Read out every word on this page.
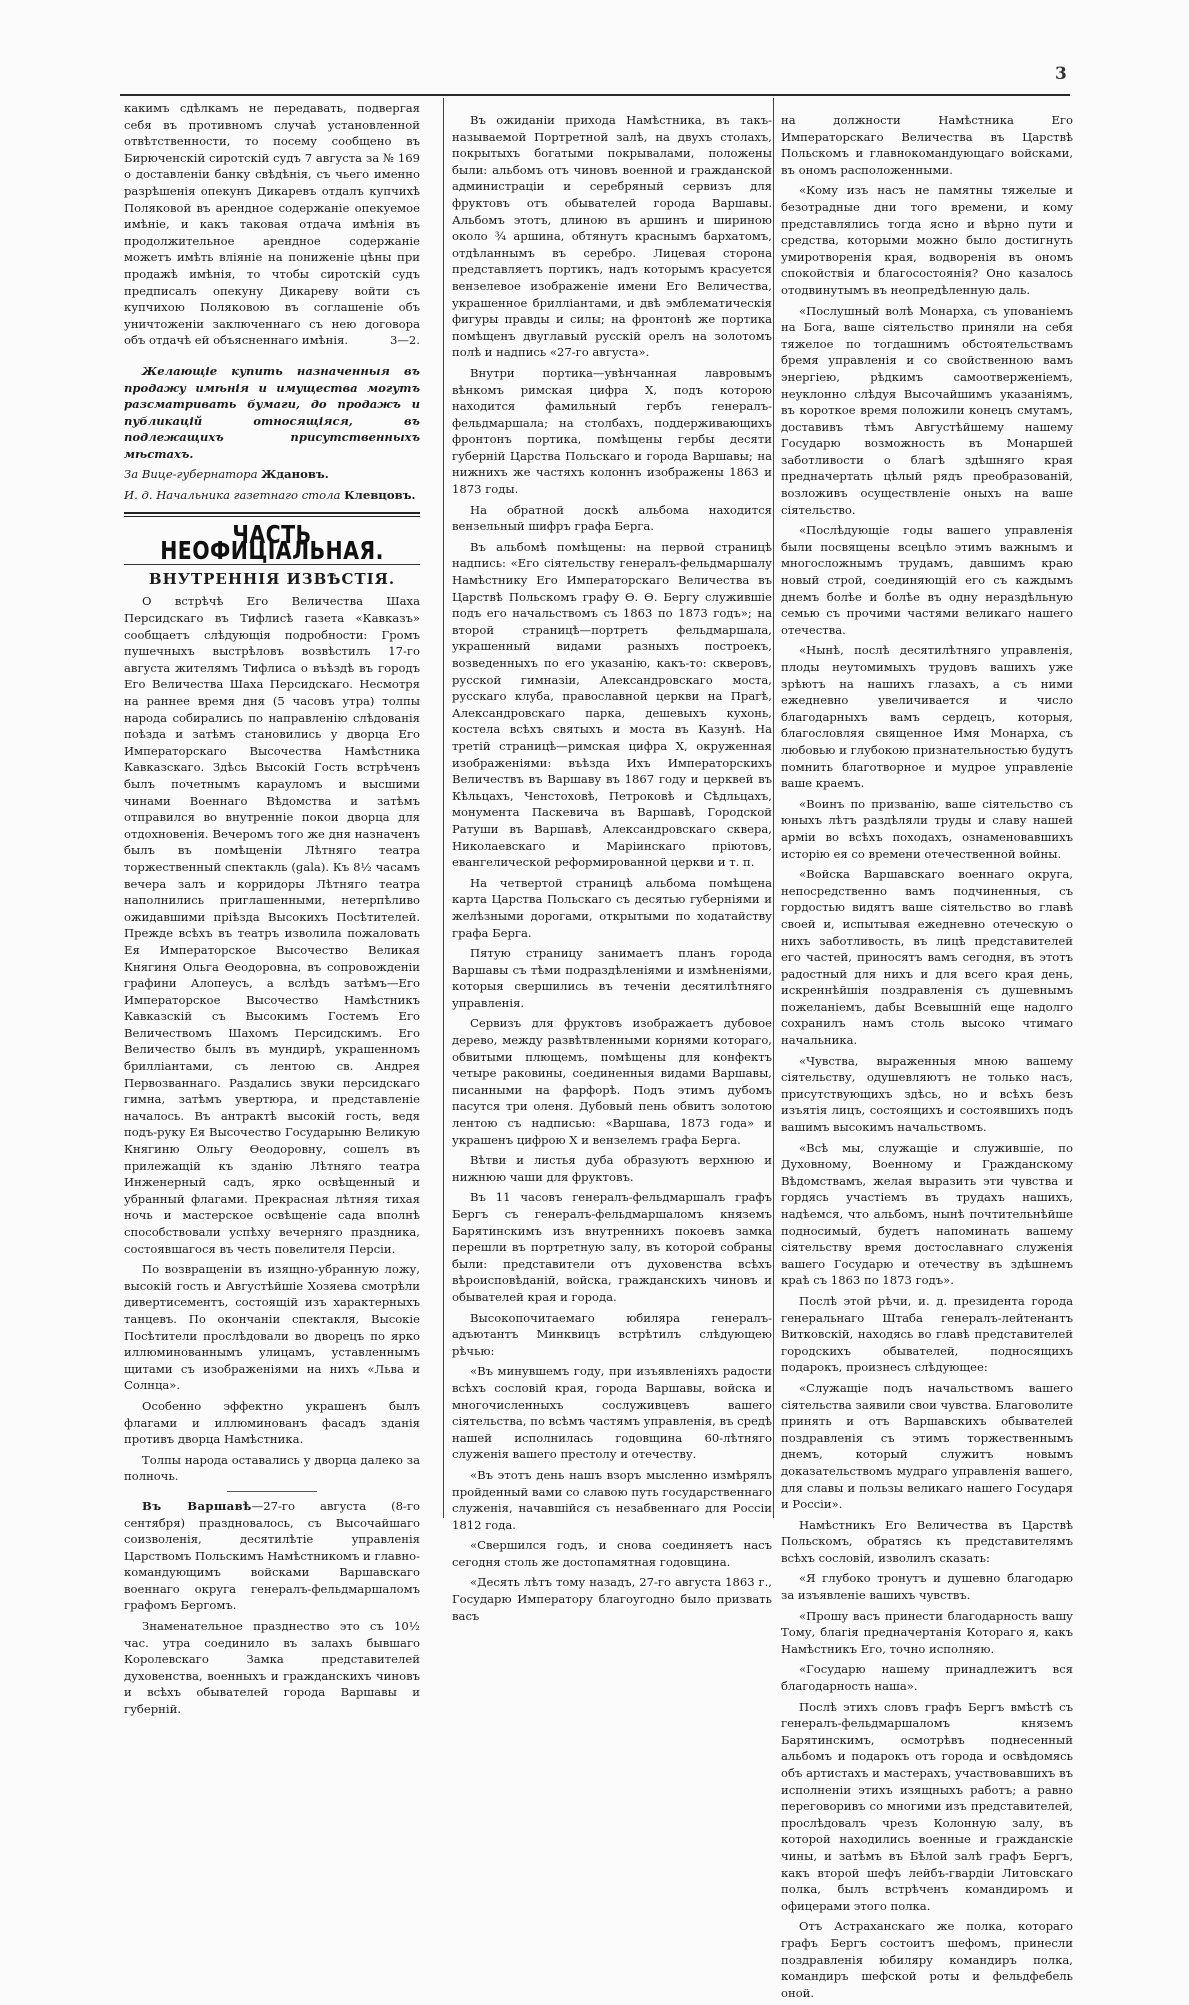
3

какимъ сдѣлкамъ не передавать, подвергая себя въ противномъ случаѣ установленной отвѣтственности, то посему сообщено въ Бирюченскій сиротскій судъ 7 августа за № 169 о доставленіи банку свѣдѣнія, съ чьего именно разрѣшенія опекунъ Дикаревъ отдалъ купчихѣ Поляковой въ арендное содержаніе опекуемое имѣніе, и какъ таковая отдача имѣнія въ продолжительное арендное содержаніе можетъ имѣть вліяніе на пониженіе цѣны при продажѣ имѣнія, то чтобы сиротскій судъ предписалъ опекуну Дикареву войти съ купчихою Поляковою въ соглашеніе объ уничтоженіи заключеннаго съ нею договора объ отдачѣ ей объясненнаго имѣнія.	3—2.

Желающіе купить назначенныя въ продажу имѣнія и имущества могутъ разсматривать бумаги, до продажъ и публикацій относящіяся, въ подлежащихъ присутственныхъ мѣстахъ.

За Вице-губернатора Ждановъ.

И. д. Начальника газетнаго стола Клевцовъ.

ЧАСТЬ НЕОФИЦІАЛЬНАЯ.
ВНУТРЕННІЯ ИЗВѢСТІЯ.

О встрѣчѣ Его Величества Шаха Персидскаго въ Тифлисѣ газета «Кавказъ» сообщаетъ слѣдующія подробности: Громъ пушечныхъ выстрѣловъ возвѣстилъ 17-го августа жителямъ Тифлиса о въѣздѣ въ городъ Его Величества Шаха Персидскаго. Несмотря на раннее время дня (5 часовъ утра) толпы народа собирались по направленію слѣдованія поѣзда и затѣмъ становились у дворца Его Императорскаго Высочества Намѣстника Кавказскаго. Здѣсь Высокій Гость встрѣченъ былъ почетнымъ карауломъ и высшими чинами Военнаго Вѣдомства и затѣмъ отправился во внутренніе покои дворца для отдохновенія. Вечеромъ того же дня назначенъ былъ въ помѣщеніи Лѣтняго театра торжественный спектакль (gala). Къ 8½ часамъ вечера залъ и корридоры Лѣтняго театра наполнились приглашенными, нетерпѣливо ожидавшими пріѣзда Высокихъ Посѣтителей. Прежде всѣхъ въ театръ изволила пожаловать Ея Императорское Высочество Великая Княгиня Ольга Ѳеодоровна, въ сопровожденіи графини Алопеусъ, а вслѣдъ затѣмъ—Его Императорское Высочество Намѣстникъ Кавказскій съ Высокимъ Гостемъ Его Величествомъ Шахомъ Персидскимъ. Его Величество былъ въ мундирѣ, украшенномъ бриллiантами, съ лентою св. Андрея Первозваннаго. Раздались звуки персидскаго гимна, затѣмъ увертюра, и представленіе началось. Въ антрактѣ высокій гость, ведя подъ-руку Ея Высочество Государыню Великую Княгиню Ольгу Ѳеодоровну, сошелъ въ прилежащій къ зданію Лѣтняго театра Инженерный садъ, ярко освѣщенный и убранный флагами. Прекрасная лѣтняя тихая ночь и мастерское освѣщеніе сада вполнѣ способствовали успѣху вечерняго праздника, состоявшагося въ честь повелителя Персіи.

По возвращеніи въ изящно-убранную ложу, высокій гость и Августѣйшіе Хозяева смотрѣли дивертисементъ, состоящій изъ характерныхъ танцевъ. По окончаніи спектакля, Высокіе Посѣтители прослѣдовали во дворецъ по ярко иллюминованнымъ улицамъ, уставленнымъ щитами съ изображеніями на нихъ «Льва и Солнца».

Особенно эффектно украшенъ былъ флагами и иллюминованъ фасадъ зданія противъ дворца Намѣстника.

Толпы народа оставались у дворца далеко за полночь.

Въ Варшавѣ—27-го августа (8-го сентября) праздновалось, съ Высочайшаго соизволенія, десятилѣтіе управленія Царствомъ Польскимъ Намѣстникомъ и главно-командующимъ войсками Варшавскаго военнаго округа генералъ-фельдмаршаломъ графомъ Бергомъ.

Знаменательное празднество это съ 10½ час. утра соединило въ залахъ бывшаго Королевскаго Замка представителей духовенства, военныхъ и гражданскихъ чиновъ и всѣхъ обывателей города Варшавы и губерній.

Въ ожиданіи прихода Намѣстника, въ такъ-называемой Портретной залѣ, на двухъ столахъ, покрытыхъ богатыми покрывалами, положены были: альбомъ отъ чиновъ военной и гражданской администраціи и серебряный сервизъ для фруктовъ отъ обывателей города Варшавы. Альбомъ этотъ, длиною въ аршинъ и шириною около ¾ аршина, обтянутъ краснымъ бархатомъ, отдѣланнымъ въ серебро. Лицевая сторона представляетъ портикъ, надъ которымъ красуется вензелевое изображеніе имени Его Величества, украшенное бриллiантами, и двѣ эмблематическія фигуры правды и силы; на фронтонѣ же портика помѣщенъ двуглавый русскій орелъ на золотомъ полѣ и надпись «27-го августа».

Внутри портика—увѣнчанная лавровымъ вѣнкомъ римская цифра X, подъ которою находится фамильный гербъ генералъ-фельдмаршала; на столбахъ, поддерживающихъ фронтонъ портика, помѣщены гербы десяти губерній Царства Польскаго и города Варшавы; на нижнихъ же частяхъ колоннъ изображены 1863 и 1873 годы.

На обратной доскѣ альбома находится вензельный шифръ графа Берга.

Въ альбомѣ помѣщены: на первой страницѣ надпись: «Его сіятельству генералъ-фельдмаршалу Намѣстнику Его Императорскаго Величества въ Царствѣ Польскомъ графу Ѳ. Ѳ. Бергу служившіе подъ его начальствомъ съ 1863 по 1873 годъ»; на второй страницѣ—портретъ фельдмаршала, украшенный видами разныхъ построекъ, возведенныхъ по его указанію, какъ-то: скверовъ, русской гимназіи, Александровскаго моста, русскаго клуба, православной церкви на Прагѣ, Александровскаго парка, дешевыхъ кухонь, костела всѣхъ святыхъ и моста въ Казунѣ. На третій страницѣ—римская цифра X, окруженная изображеніями: въѣзда Ихъ Императорскихъ Величествъ въ Варшаву въ 1867 году и церквей въ Кѣльцахъ, Ченстоховѣ, Петроковѣ и Сѣдльцахъ, монумента Паскевича въ Варшавѣ, Городской Ратуши въ Варшавѣ, Александровскаго сквера, Николаевскаго и Маріинскаго пріютовъ, евангелической реформированной церкви и т. п.

На четвертой страницѣ альбома помѣщена карта Царства Польскаго съ десятью губерніями и желѣзными дорогами, открытыми по ходатайству графа Берга.

Пятую страницу занимаетъ планъ города Варшавы съ тѣми подраздѣленіями и измѣненіями, которыя свершились въ теченіи десятилѣтняго управленія.

Сервизъ для фруктовъ изображаетъ дубовое дерево, между развѣтвленными корнями котораго, обвитыми плющемъ, помѣщены для конфектъ четыре раковины, соединенныя видами Варшавы, писанными на фарфорѣ. Подъ этимъ дубомъ пасутся три оленя. Дубовый пень обвитъ золотою лентою съ надписью: «Варшава, 1873 года» и украшенъ цифрою X и вензелемъ графа Берга.

Вѣтви и листья дуба образуютъ верхнюю и нижнюю чаши для фруктовъ.

Въ 11 часовъ генералъ-фельдмаршалъ графъ Бергъ съ генералъ-фельдмаршаломъ княземъ Барятинскимъ изъ внутреннихъ покоевъ замка перешли въ портретную залу, въ которой собраны были: представители отъ духовенства всѣхъ вѣроисповѣданій, войска, гражданскихъ чиновъ и обывателей края и города.

Высокопочитаемаго юбиляра генералъ-адъютантъ Минквицъ встрѣтилъ слѣдующею рѣчью:

«Въ минувшемъ году, при изъявленіяхъ радости всѣхъ сословій края, города Варшавы, войска и многочисленныхъ сослуживцевъ вашего сіятельства, по всѣмъ частямъ управленія, въ средѣ нашей исполнилась годовщина 60-лѣтняго служенія вашего престолу и отечеству.

«Въ этотъ день нашъ взоръ мысленно измѣрялъ пройденный вами со славою путь государственнаго служенія, начавшійся съ незабвеннаго для Россіи 1812 года.

«Свершился годъ, и снова соединяетъ насъ сегодня столь же достопамятная годовщина.

«Десять лѣтъ тому назадъ, 27-го августа 1863 г., Государю Императору благоугодно было призвать васъ

на должности Намѣстника Его Императорскаго Величества въ Царствѣ Польскомъ и главнокомандующаго войсками, въ ономъ расположенными.

«Кому изъ насъ не памятны тяжелые и безотрадные дни того времени, и кому представлялись тогда ясно и вѣрно пути и средства, которыми можно было достигнуть умиротворенія края, водворенія въ ономъ спокойствія и благосостоянія? Оно казалось отодвинутымъ въ неопредѣленную даль.

«Послушный волѣ Монарха, съ упованіемъ на Бога, ваше сіятельство приняли на себя тяжелое по тогдашнимъ обстоятельствамъ бремя управленія и со свойственною вамъ энергіею, рѣдкимъ самоотверженіемъ, неуклонно слѣдуя Высочайшимъ указаніямъ, въ короткое время положили конецъ смутамъ, доставивъ тѣмъ Августѣйшему нашему Государю возможность въ Монаршей заботливости о благѣ здѣшняго края предначертать цѣлый рядъ преобразованій, возложивъ осуществленіе оныхъ на ваше сіятельство.

«Послѣдующіе годы вашего управленія были посвящены всецѣло этимъ важнымъ и многосложнымъ трудамъ, давшимъ краю новый строй, соединяющій его съ каждымъ днемъ болѣе и болѣе въ одну нераздѣльную семью съ прочими частями великаго нашего отечества.

«Нынѣ, послѣ десятилѣтняго управленія, плоды неутомимыхъ трудовъ вашихъ уже зрѣютъ на нашихъ глазахъ, а съ ними ежедневно увеличивается и число благодарныхъ вамъ сердецъ, которыя, благословляя священное Имя Монарха, съ любовью и глубокою признательностью будутъ помнить благотворное и мудрое управленіе ваше краемъ.

«Воинъ по призванію, ваше сіятельство съ юныхъ лѣтъ раздѣляли труды и славу нашей арміи во всѣхъ походахъ, ознаменовавшихъ исторію ея со времени отечественной войны.

«Войска Варшавскаго военнаго округа, непосредственно вамъ подчиненныя, съ гордостью видятъ ваше сіятельство во главѣ своей и, испытывая ежедневно отеческую о нихъ заботливость, въ лицѣ представителей его частей, приносятъ вамъ сегодня, въ этотъ радостный для нихъ и для всего края день, искреннѣйшія поздравленія съ душевнымъ пожеланіемъ, дабы Всевышній еще надолго сохранилъ намъ столь высоко чтимаго начальника.

«Чувства, выраженныя мною вашему сіятельству, одушевляютъ не только насъ, присутствующихъ здѣсь, но и всѣхъ безъ изъятія лицъ, состоящихъ и состоявшихъ подъ вашимъ высокимъ начальствомъ.

«Всѣ мы, служащіе и служившіе, по Духовному, Военному и Гражданскому Вѣдомствамъ, желая выразить эти чувства и гордясь участіемъ въ трудахъ нашихъ, надѣемся, что альбомъ, нынѣ почтительнѣйше подносимый, будетъ напоминать вашему сіятельству время достославнаго служенія вашего Государю и отечеству въ здѣшнемъ краѣ съ 1863 по 1873 годъ».

Послѣ этой рѣчи, и. д. президента города генеральнаго Штаба генералъ-лейтенантъ Витковскій, находясь во главѣ представителей городскихъ обывателей, подносящихъ подарокъ, произнесъ слѣдующее:

«Служащіе подъ начальствомъ вашего сіятельства заявили свои чувства. Благоволите принять и отъ Варшавскихъ обывателей поздравленія съ этимъ торжественнымъ днемъ, который служитъ новымъ доказательствомъ мудраго управленія вашего, для славы и пользы великаго нашего Государя и Россіи».

Намѣстникъ Его Величества въ Царствѣ Польскомъ, обратясь къ представителямъ всѣхъ сословій, изволилъ сказать:

«Я глубоко тронутъ и душевно благодарю за изъявленіе вашихъ чувствъ.

«Прошу васъ принести благодарность вашу Тому, благія предначертанія Котораго я, какъ Намѣстникъ Его, точно исполняю.

«Государю нашему принадлежитъ вся благодарность наша».

Послѣ этихъ словъ графъ Бергъ вмѣстѣ съ генералъ-фельдмаршаломъ княземъ Барятинскимъ, осмотрѣвъ поднесенный альбомъ и подарокъ отъ города и освѣдомясь объ артистахъ и мастерахъ, участвовавшихъ въ исполненіи этихъ изящныхъ работъ; а равно переговоривъ со многими изъ представителей, прослѣдовалъ чрезъ Колонную залу, въ которой находились военные и гражданскіе чины, и затѣмъ въ Бѣлой залѣ графъ Бергъ, какъ второй шефъ лейбъ-гвардіи Литовскаго полка, былъ встрѣченъ командиромъ и офицерами этого полка.

Отъ Астраханскаго же полка, котораго графъ Бергъ состоитъ шефомъ, принесли поздравленія юбиляру командиръ полка, командиръ шефской роты и фельдфебель оной.
